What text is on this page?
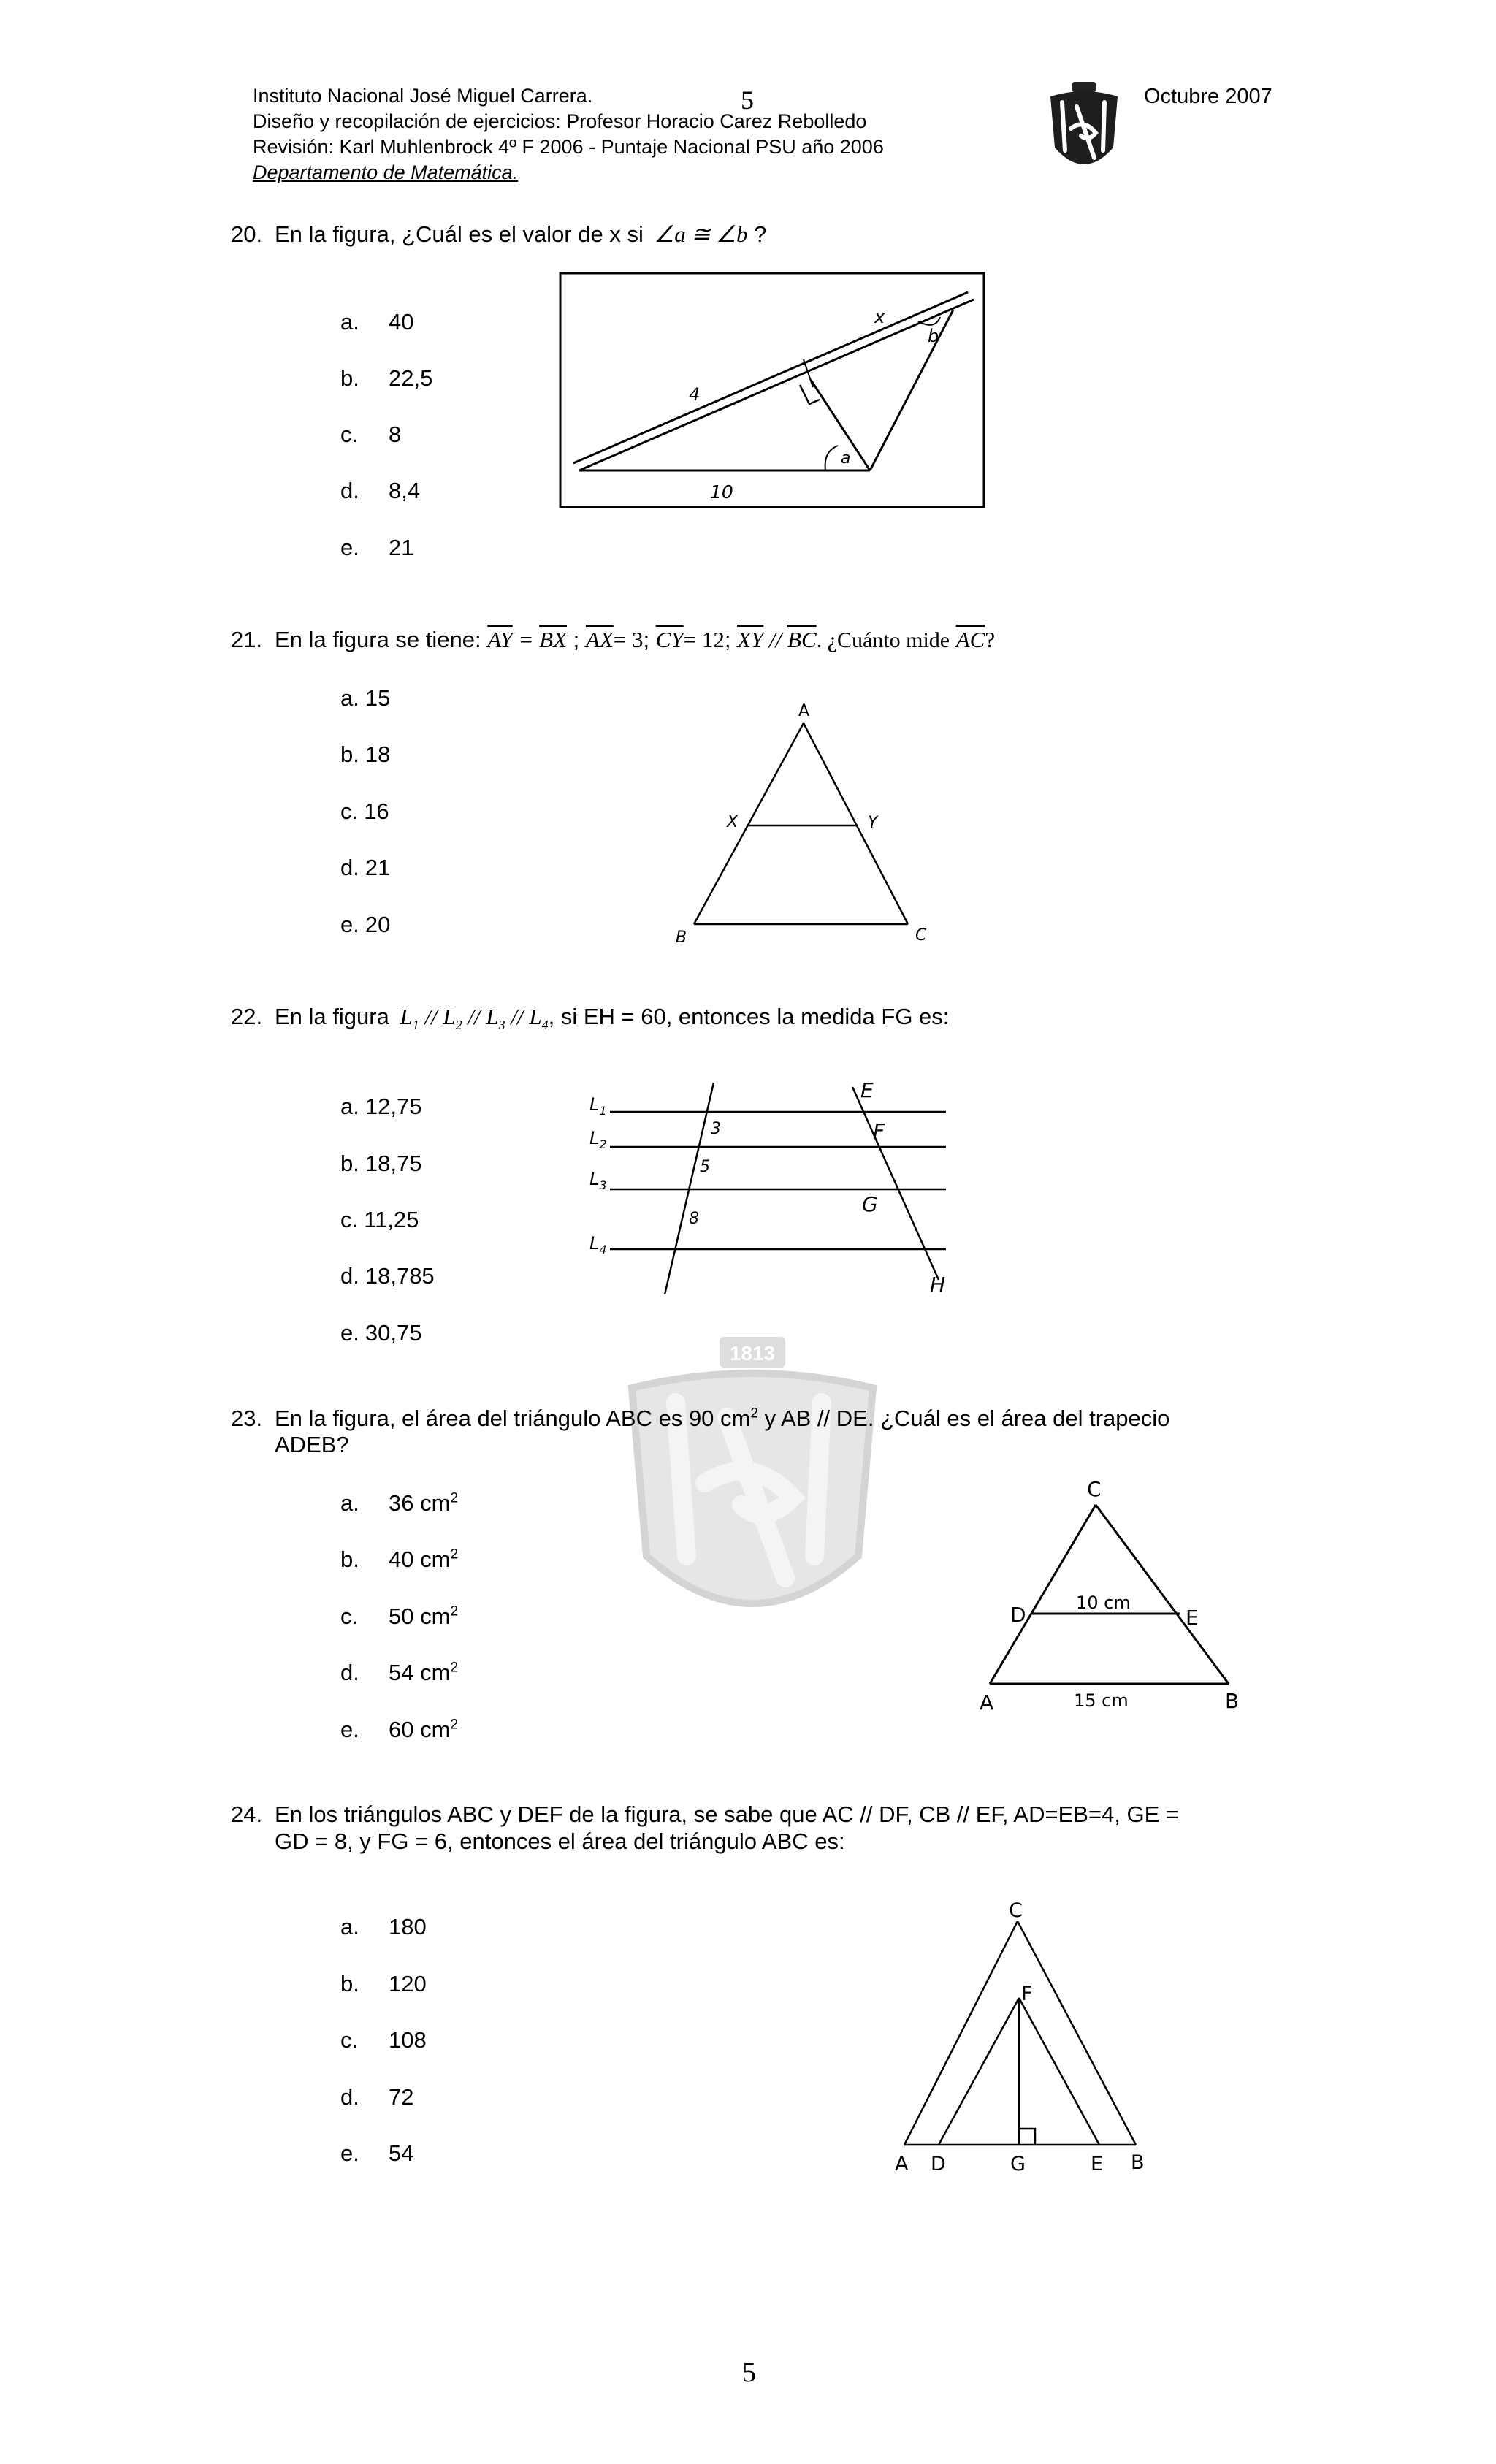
1813
Instituto Nacional José Miguel Carrera.
Diseño y recopilación de ejercicios: Profesor Horacio Carez Rebolledo
Revisión: Karl Muhlenbrock 4º F 2006 - Puntaje Nacional PSU año 2006
Departamento de Matemática.
5	Octubre 2007
20. En la figura, ¿Cuál es el valor de x si ∠a ≅ ∠b ?
a. 40
b. 22,5
c. 8
d. 8,4
e. 21
x
b
4
a
10
21. En la figura se tiene: $\overline{AY} = \overline{BX}$ ; $\overline{AX}= 3$; $\overline{CY}= 12$; $\overline{XY} // \overline{BC}$. ¿Cuánto mide $\overline{AC}$?
a. 15
b. 18
c. 16
d. 21
e. 20
A
X	Y
B	C
22. En la figura $L_1 // L_2 // L_3 // L_4$, si EH = 60, entonces la medida FG es:
a. 12,75
b. 18,75
c. 11,25
d. 18,785
e. 30,75
$L_1$
$L_2$
$L_3$
$L_4$
3
5
8
E
F
G
H
23. En la figura, el área del triángulo ABC es 90 $cm^2$ y AB // DE. ¿Cuál es el área del trapecio
ADEB?
a. 36 $cm^2$
b. 40 $cm^2$
c. 50 $cm^2$
d. 54 $cm^2$
e. 60 $cm^2$
C
D	E
A	B
10 cm
15 cm
24. En los triángulos ABC y DEF de la figura, se sabe que AC // DF, CB // EF, AD=EB=4, GE =
GD = 8, y FG = 6, entonces el área del triángulo ABC es:
a. 180
b. 120
c. 108
d. 72
e. 54
C
F
A D	G	E B
5
